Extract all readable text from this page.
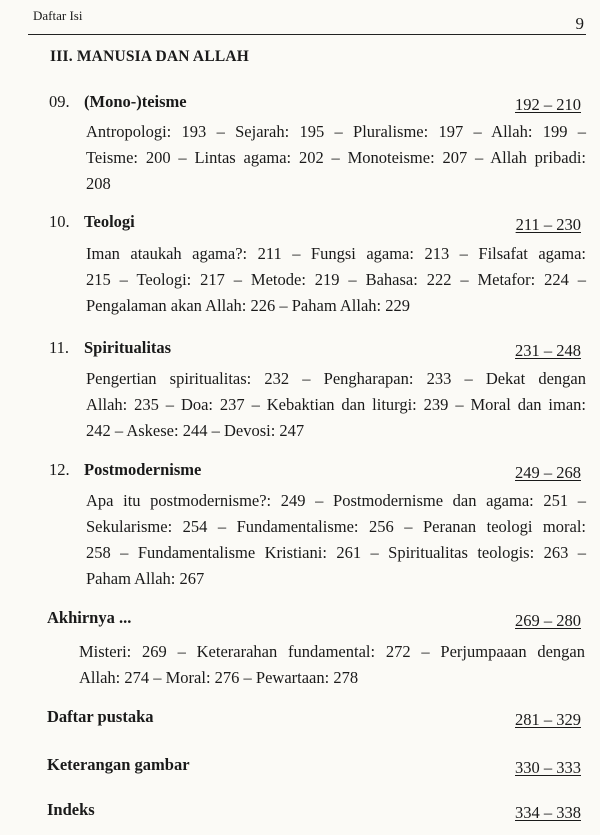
Daftar Isi	9
III. MANUSIA DAN ALLAH
09. (Mono-)teisme	192 – 210
Antropologi: 193 – Sejarah: 195 – Pluralisme: 197 – Allah: 199 –
Teisme: 200 – Lintas agama: 202 – Monoteisme: 207 – Allah pribadi:
208
10. Teologi	211 – 230
Iman ataukah agama?: 211 – Fungsi agama: 213 – Filsafat agama:
215 – Teologi: 217 – Metode: 219 – Bahasa: 222 – Metafor: 224 –
Pengalaman akan Allah: 226 – Paham Allah: 229
11. Spiritualitas	231 – 248
Pengertian spiritualitas: 232 – Pengharapan: 233 – Dekat dengan
Allah: 235 – Doa: 237 – Kebaktian dan liturgi: 239 – Moral dan iman:
242 – Askese: 244 – Devosi: 247
12. Postmodernisme	249 – 268
Apa itu postmodernisme?: 249 – Postmodernisme dan agama: 251 –
Sekularisme: 254 – Fundamentalisme: 256 – Peranan teologi moral:
258 – Fundamentalisme Kristiani: 261 – Spiritualitas teologis: 263 –
Paham Allah: 267
Akhirnya ...	269 – 280
Misteri: 269 – Keterarahan fundamental: 272 – Perjumpaaan dengan
Allah: 274 – Moral: 276 – Pewartaan: 278
Daftar pustaka	281 – 329
Keterangan gambar	330 – 333
Indeks	334 – 338
